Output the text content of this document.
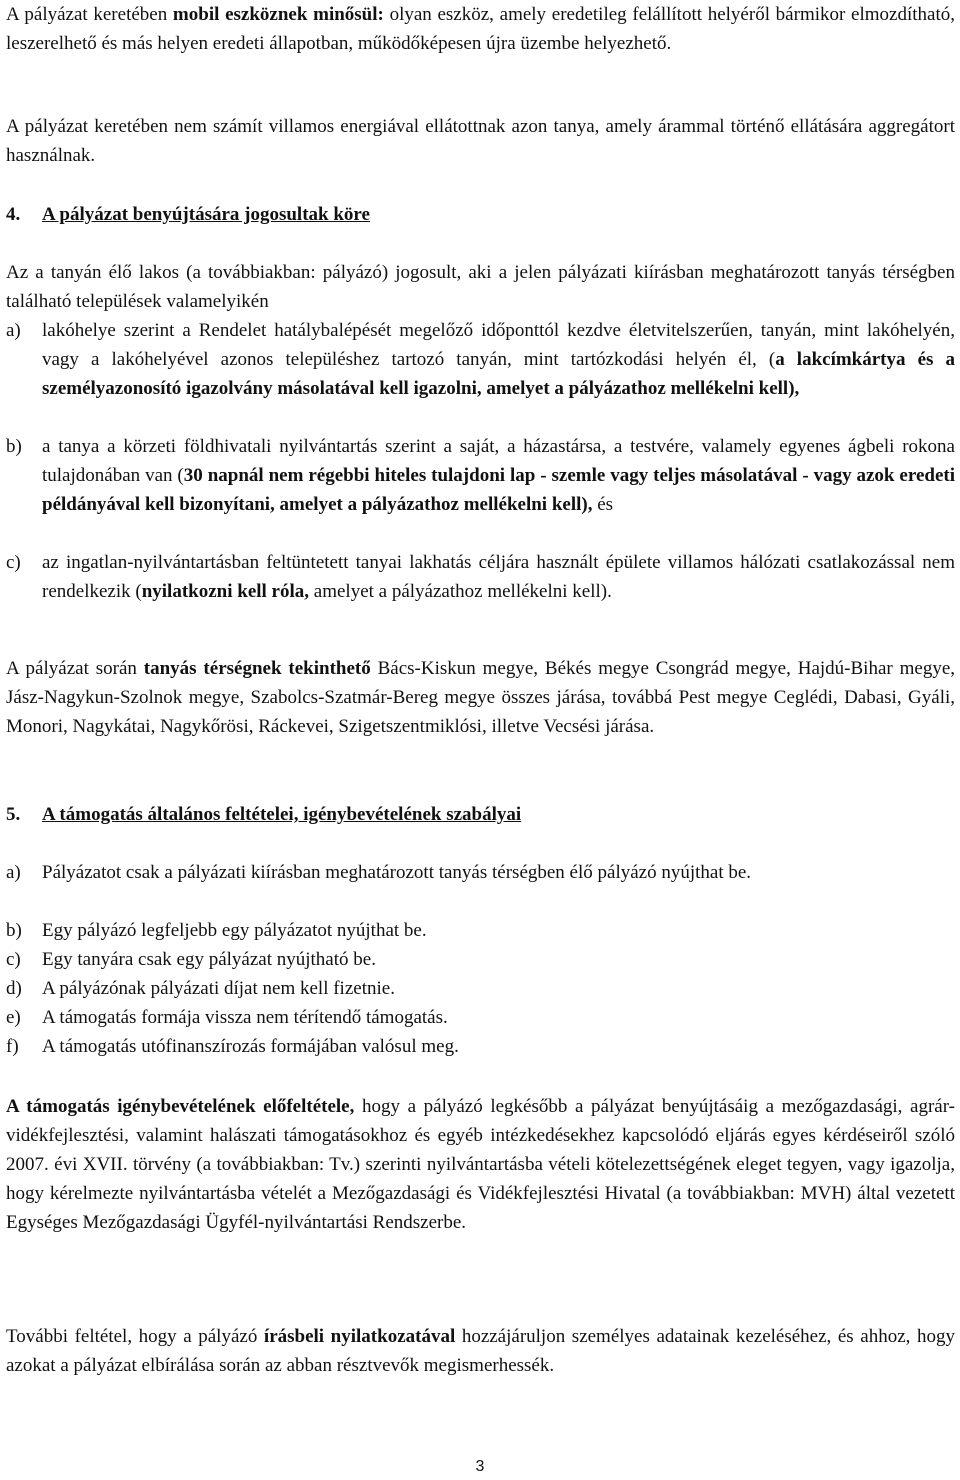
A pályázat keretében mobil eszköznek minősül: olyan eszköz, amely eredetileg felállított helyéről bármikor elmozdítható, leszerelhető és más helyen eredeti állapotban, működőképesen újra üzembe helyezhető.

A pályázat keretében nem számít villamos energiával ellátottnak azon tanya, amely árammal történő ellátására aggregátort használnak.

4. A pályázat benyújtására jogosultak köre

Az a tanyán élő lakos (a továbbiakban: pályázó) jogosult, aki a jelen pályázati kiírásban meghatározott tanyás térségben található települések valamelyikén

a) lakóhelye szerint a Rendelet hatálybalépését megelőző időponttól kezdve életvitelszerűen, tanyán, mint lakóhelyén, vagy a lakóhelyével azonos településhez tartozó tanyán, mint tartózkodási helyén él, (a lakcímkártya és a személyazonosító igazolvány másolatával kell igazolni, amelyet a pályázathoz mellékelni kell),
b) a tanya a körzeti földhivatali nyilvántartás szerint a saját, a házastársa, a testvére, valamely egyenes ágbeli rokona tulajdonában van (30 napnál nem régebbi hiteles tulajdoni lap - szemle vagy teljes másolatával - vagy azok eredeti példányával kell bizonyítani, amelyet a pályázathoz mellékelni kell), és
c) az ingatlan-nyilvántartásban feltüntetett tanyai lakhatás céljára használt épülete villamos hálózati csatlakozással nem rendelkezik (nyilatkozni kell róla, amelyet a pályázathoz mellékelni kell).

A pályázat során tanyás térségnek tekinthető Bács-Kiskun megye, Békés megye Csongrád megye, Hajdú-Bihar megye, Jász-Nagykun-Szolnok megye, Szabolcs-Szatmár-Bereg megye összes járása, továbbá Pest megye Ceglédi, Dabasi, Gyáli, Monori, Nagykátai, Nagykőrösi, Ráckevei, Szigetszentmiklósi, illetve Vecsési járása.

5. A támogatás általános feltételei, igénybevételének szabályai

a) Pályázatot csak a pályázati kiírásban meghatározott tanyás térségben élő pályázó nyújthat be.
b) Egy pályázó legfeljebb egy pályázatot nyújthat be.
c) Egy tanyára csak egy pályázat nyújtható be.
d) A pályázónak pályázati díjat nem kell fizetnie.
e) A támogatás formája vissza nem térítendő támogatás.
f) A támogatás utófinanszírozás formájában valósul meg.

A támogatás igénybevételének előfeltétele, hogy a pályázó legkésőbb a pályázat benyújtásáig a mezőgazdasági, agrár-vidékfejlesztési, valamint halászati támogatásokhoz és egyéb intézkedésekhez kapcsolódó eljárás egyes kérdéseiről szóló 2007. évi XVII. törvény (a továbbiakban: Tv.) szerinti nyilvántartásba vételi kötelezettségének eleget tegyen, vagy igazolja, hogy kérelmezte nyilvántartásba vételét a Mezőgazdasági és Vidékfejlesztési Hivatal (a továbbiakban: MVH) által vezetett Egységes Mezőgazdasági Ügyfél-nyilvántartási Rendszerbe.

További feltétel, hogy a pályázó írásbeli nyilatkozatával hozzájáruljon személyes adatainak kezeléséhez, és ahhoz, hogy azokat a pályázat elbírálása során az abban résztvevők megismerhessék.

3
